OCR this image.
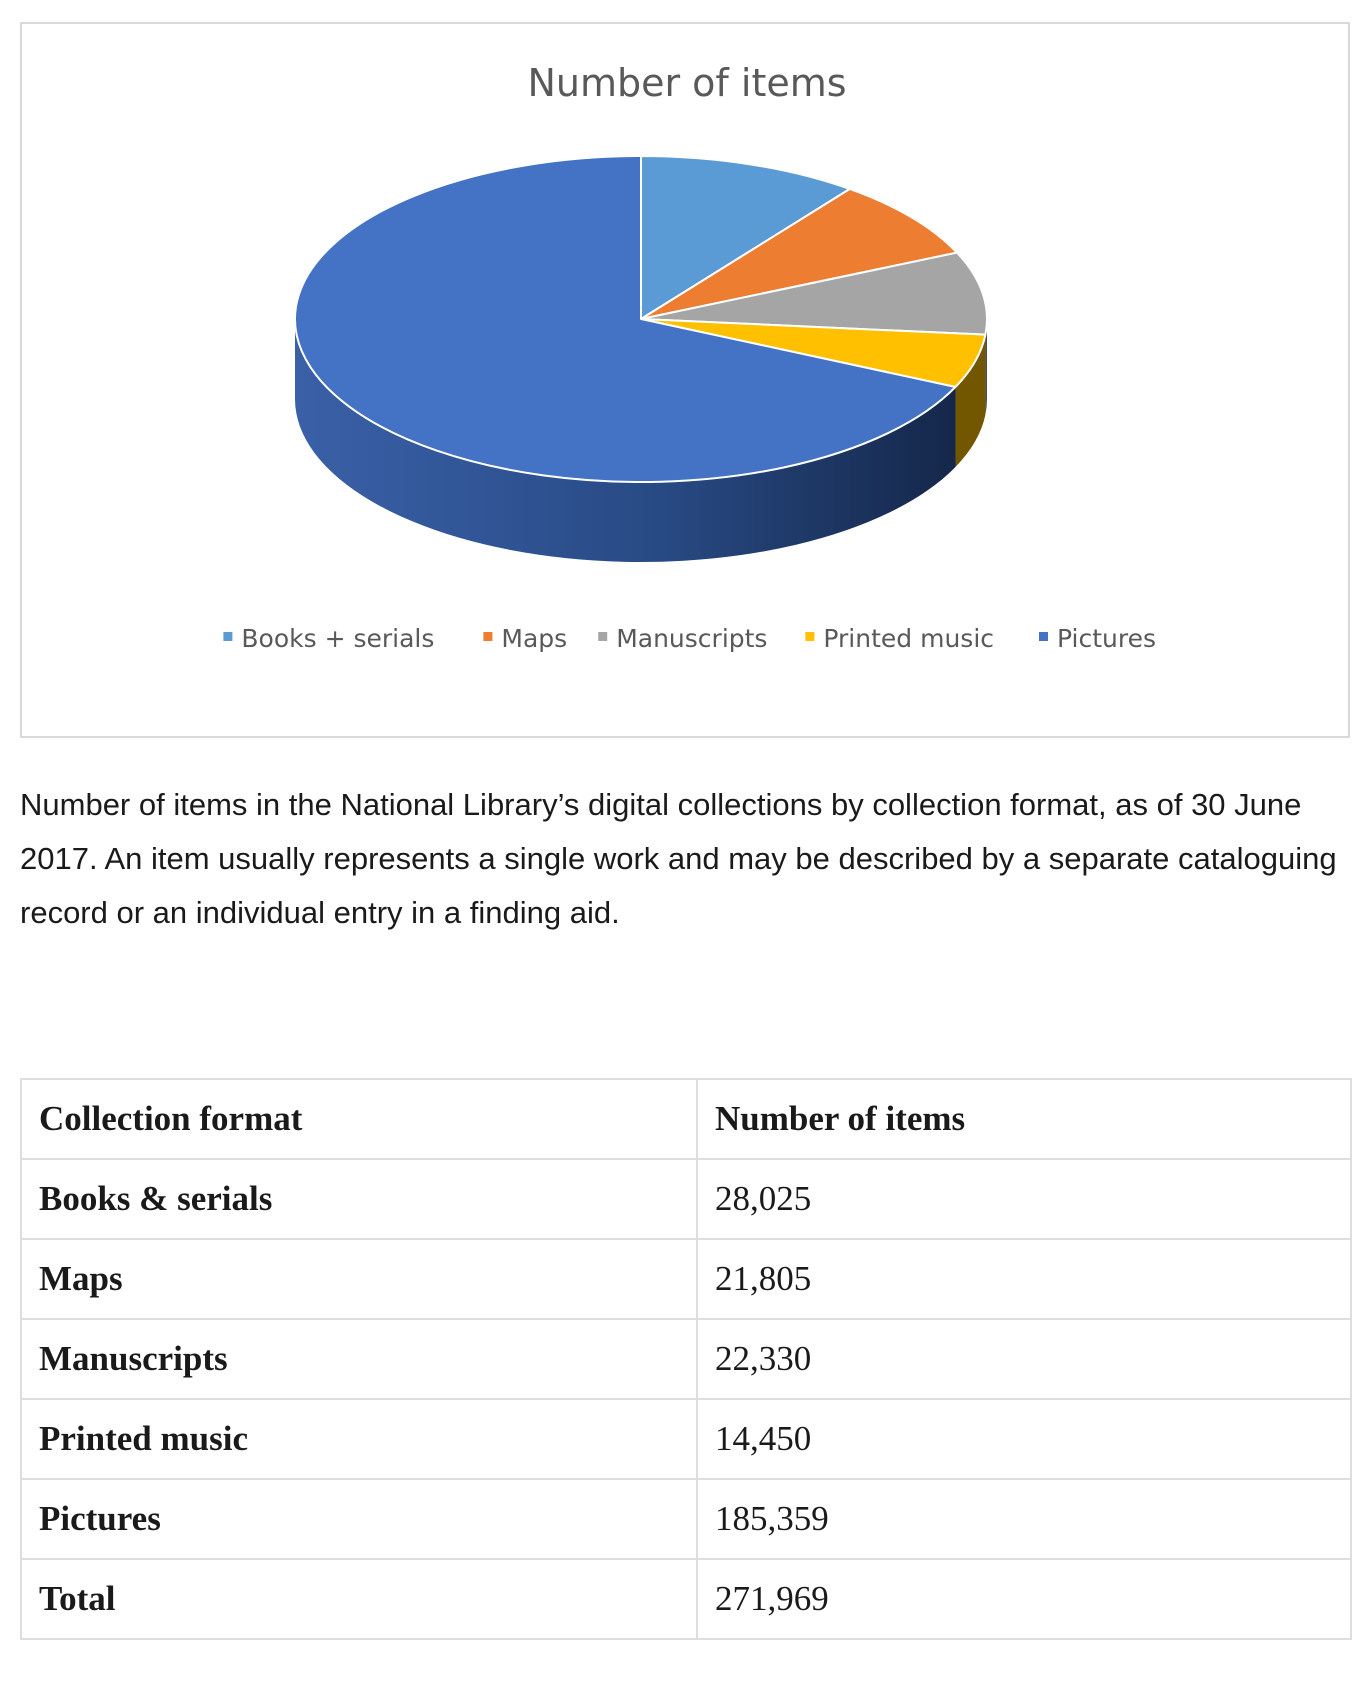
Number of items
Books + serials	Maps Manuscripts Printed music	Pictures

Number of items in the National Library’s digital collections by collection format, as of 30 June 2017. An item usually represents a single work and may be described by a separate cataloguing record or an individual entry in a finding aid.

Collection format	Number of items
Books & serials	28,025
Maps	21,805
Manuscripts	22,330
Printed music	14,450
Pictures	185,359
Total	271,969
